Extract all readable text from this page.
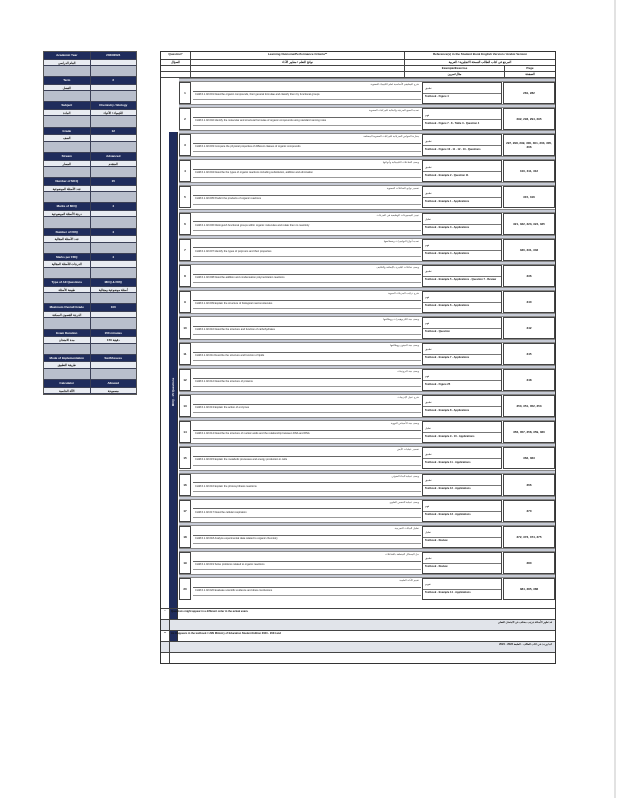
Academic Year	2023/2024
العام الدراسي
Term	2
الفصل
Subject	Chemistry / Biology
المادة	الكيمياء / الأحياء
Grade	12
الصف
Stream	Advanced
المسار	المتقدم
Number of MCQ	15
عدد الأسئلة الموضوعية
Marks of MCQ	4
درجة الأسئلة الموضوعية
Number of FRQ	4
عدد الأسئلة المقالية
Marks per FRQ	4
الدرجات للأسئلة المقالية
Type of All Questions	MCQ & FRQ
طبيعة الأسئلة	أسئلة موضوعية ومقالية
Maximum Overall Grade	100
الدرجة القصوى الممكنة
Exam Duration	150 minutes
مدة الامتحان	150 دقيقة
Mode of Implementation	SwiftAssess
طريقة التطبيق
Calculator	Allowed
الآلة الحاسبة	مسموحة
Question*	Learning Outcome/Performance Criteria**	Reference(s) in the Student Book English Version / Arabic Version
السؤال	نواتج التعلم / معايير الأداء	المرجع في كتاب الطالب النسخة الانجليزية / العربية
Example/Exercise	Page
مثال/تمرين	الصفحة
MCQ · 15 Questions
1
شرح المفاهيم الأساسية لعلم الكيمياء العضوية
CHM.6.1.02.001 Describe organic compounds, their general formulae and classify them by functional groups
تطبيق
Textbook - Figure 4
281, 282
2
تحديد الصيغ الجزيئية والبنائية للمركبات العضوية
CHM.6.1.02.002 Identify the molecular and structural formulae of organic compounds using standard naming rules
فهم
Textbook - Figure 7 - 8 - Table 3 - Question 4
292, 293, 294, 295
3
مقارنة الخواص الفيزيائية للمركبات العضوية المختلفة
CHM.6.1.02.003 Compare the physical properties of different classes of organic compounds
تطبيق
Textbook - Figure 10 - 11 - 12 - 13 - Questions
297, 298, 299, 300, 301, 303, 305, 306
4
وصف التفاعلات الكيميائية وأنواعها
CHM.6.1.02.004 Describe the types of organic reactions including substitution, addition and elimination
تطبيق
Textbook - Example 2 - Question 11
310, 311, 312
5
تفسير نواتج التفاعلات العضوية
CHM.6.1.02.005 Predict the products of organic reactions
تطبيق
Textbook - Example 1 - Applications
315, 316
6
تمييز المجموعات الوظيفية في الجزيئات
CHM.6.1.02.006 Distinguish functional groups within organic molecules and relate them to reactivity
تحليل
Textbook - Example 3 - Applications
321, 322, 323, 324, 325
7
تحديد أنواع البوليمرات وخصائصها
CHM.6.1.02.007 Identify the types of polymers and their properties
فهم
Textbook - Example 4 - Applications
330, 331, 332
8
وصف تفاعلات البلمرة بالإضافة والتكثيف
CHM.6.1.02.008 Describe addition and condensation polymerization reactions
تطبيق
Textbook - Example 5 - Applications - Question 7 - Review
336
9
شرح تركيب الجزيئات الحيوية
CHM.6.1.02.009 Explain the structure of biological macromolecules
فهم
Textbook - Example 6 - Applications
340
10
وصف بنية الكربوهيدرات ووظائفها
CHM.6.1.02.010 Describe the structure and function of carbohydrates
فهم
Textbook - Question
342
11
وصف بنية الدهون ووظائفها
CHM.6.1.02.011 Describe the structure and function of lipids
تطبيق
Textbook - Example 7 - Applications
345
12
وصف بنية البروتينات
CHM.6.1.02.012 Describe the structure of proteins
فهم
Textbook - Figure 25
348
13
شرح عمل الإنزيمات
CHM.6.1.02.013 Explain the action of enzymes
تطبيق
Textbook - Example 8 - Applications
350, 351, 352, 353
14
وصف بنية الأحماض النووية
CHM.6.1.02.014 Describe the structure of nucleic acids and the relationship between DNA and RNA
تحليل
Textbook - Example 9 - 10 - Applications
356, 357, 358, 359, 360
15
تفسير عمليات الأيض
CHM.6.1.02.015 Explain the metabolic processes and energy production in cells
تطبيق
Textbook - Example 11 - Applications
362, 363
16
وصف عملية البناء الضوئي
CHM.6.1.02.016 Explain the photosynthesis reactions
تطبيق
Textbook - Example 12 - Applications
366
17
وصف عملية التنفس الخلوي
CHM.6.1.02.017 Describe cellular respiration
فهم
Textbook - Example 13 - Applications
370
18
تحليل البيانات التجريبية
CHM.6.1.02.018 Analyze experimental data related to organic chemistry
تحليل
Textbook - Review
372, 373, 374, 375
19
حل المسائل المتعلقة بالتفاعلات
CHM.6.1.02.019 Solve problems related to organic reactions
تطبيق
Textbook - Review
380
20
تقييم الأدلة العلمية
CHM.6.1.02.020 Evaluate scientific evidence and draw conclusions
تقويم
Textbook - Example 14 - Applications
384, 385, 386
*	Questions might appear in a different order in the actual exam.
قد تظهر الأسئلة بترتيب مختلف في الامتحان الفعلي
**	As it appears in the textbook / LMS Ministry of Education Student Edition 2023 - 2024 and
كما وردت في كتاب الطالب - الطبعة 2023 - 2024
